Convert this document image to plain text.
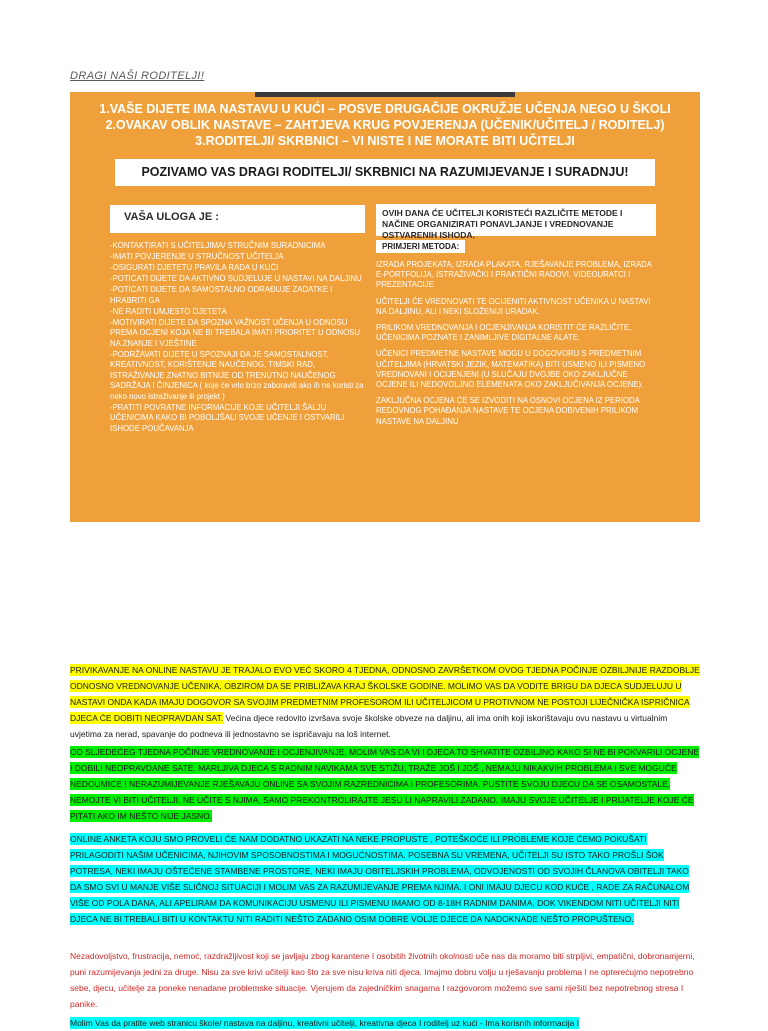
DRAGI NAŠI RODITELJI!
1.VAŠE DIJETE IMA NASTAVU U KUĆI – POSVE DRUGAČIJE OKRUŽJE UČENJA NEGO U ŠKOLI
2.OVAKAV OBLIK NASTAVE – ZAHTJEVA KRUG POVJERENJA (UČENIK/UČITELJ / RODITELJ)
3.RODITELJI/ SKRBNICI – VI NISTE I NE MORATE BITI UČITELJI
POZIVAMO VAS DRAGI RODITELJI/ SKRBNICI NA RAZUMIJEVANJE I SURADNJU!
VAŠA ULOGA JE :
-KONTAKTIRATI S UČITELJIMA/ STRUČNIM SURADNICIMA
-IMATI POVJERENJE U STRUČNOST UČITELJA
-OSIGURATI DJETETU PRAVILA RADA U KUĆI
-POTICATI DIJETE DA AKTIVNO SUDJELUJE U NASTAVI NA DALJINU
-POTICATI DIJETE DA SAMOSTALNO ODRAĐUJE ZADATKE I HRABRITI GA
-NE RADITI UMJESTO DJETETA
-MOTIVIRATI DIJETE DA SPOZNA VAŽNOST UČENJA U ODNOSU PREMA OCJENI KOJA NE BI TREBALA IMATI PRIORITET U ODNOSU NA ZNANJE I VJEŠTINE
-PODRŽAVATI DIJETE U SPOZNAJI DA JE SAMOSTALNOST, KREATIVNOST, KORIŠTENJE NAUČENOG, TIMSKI RAD, ISTRAŽIVANJE ZNATNO BITNIJE OD TRENUTNO NAUČENOG SADRŽAJA I ČINJENICA ( koje će vrlo brzo zaboraviti ako ih ne koristi za neko novo istraživanje ili projekt )
-PRATITI POVRATNE INFORMACIJE KOJE UČITELJI ŠALJU UČENICIMA KAKO BI POBOLJŠALI SVOJE UČENJE I OSTVARILI ISHODE POUČAVANJA
OVIH DANA ĆE UČITELJI KORISTEĆI RAZLIČITE METODE I NAČINE ORGANIZIRATI PONAVLJANJE I VREDNOVANJE OSTVARENIH ISHODA.
PRIMJERI METODA:

IZRADA PROJEKATA, IZRADA PLAKATA, RJEŠAVANJE PROBLEMA, IZRADA E-PORTFOLIJA, ISTRAŽIVAČKI I PRAKTIČNI RADOVI, VIDEOURATCI I PREZENTACIJE

UČITELJI ĆE VREDNOVATI TE OCIJENITI AKTIVNOST UČENIKA U NASTAVI NA DALJINU, ALI I NEKI SLOŽENIJI URADAK.

PRILIKOM VREDNOVANJA I OCJENJIVANJA KORISTIT ĆE RAZLIČITE, UČENICIMA POZNATE I ZANIMLJIVE DIGITALNE ALATE.

UČENICI PREDMETNE NASTAVE MOGU U DOGOVORU S PREDMETNIM UČITELJIMA (HRVATSKI JEZIK, MATEMATIKA) BITI USMENO ILI PISMENO VREDNOVANI I OCIJENJENI (U SLUČAJU DVOJBE OKO ZAKLJUČNE OCJENE ILI NEDOVOLJNO ELEMENATA OKO ZAKLJUČIVANJA OCJENE).

ZAKLJUČNA OCJENA ĆE SE IZVODITI NA OSNOVI OCJENA IZ PERIODA REDOVNOG POHAĐANJA NASTAVE TE OCJENA DOBIVENIH PRILIKOM NASTAVE NA DALJINU

PRIVIKAVANJE NA ONLINE NASTAVU JE TRAJALO EVO VEĆ SKORO 4 TJEDNA, ODNOSNO ZAVRŠETKOM OVOG TJEDNA POČINJE OZBILJNIJE RAZDOBLJE ODNOSNO VREDNOVANJE UČENIKA, OBZIROM DA SE PRIBLIŽAVA KRAJ ŠKOLSKE GODINE. MOLIMO VAS DA VODITE BRIGU DA DJECA SUDJELUJU U NASTAVI ONDA KADA IMAJU DOGOVOR SA SVOJIM PREDMETNIM PROFESOROM ILI UČITELJICOM U PROTIVNOM NE POSTOJI LIJEČNIČKA ISPRIČNICA DJECA ĆE DOBITI NEOPRAVDAN SAT. Većina djece redovito izvršava svoje školske obveze na daljinu, ali ima onih koji iskorištavaju ovu nastavu u virtualnim uvjetima za nerad, spavanje do podneva ili jednostavno se ispričavaju na loš internet.
OD SLJEDEĆEG TJEDNA POČINJE VREDNOVANJE I OCJENJIVANJE, MOLIM VAS DA VI I DJECA TO SHVATITE OZBILJNO KAKO SI NE BI POKVARILI OCJENE I DOBILI NEOPRAVDANE SATE. MARLJIVA DJECA S RADNIM NAVIKAMA SVE STIŽU, TRAŽE JOŠ I JOŠ , NEMAJU NIKAKVIH PROBLEMA I SVE MOGUĆE NEDOUMICE I NERAZUMIJEVANJE RJEŠAVAJU ONLINE SA SVOJIM RAZREDNICIMA I PROFESORIMA. PUSTITE SVOJU DJECU DA SE OSAMOSTALE, NEMOJTE VI BITI UČITELJI, NE UČITE S NJIMA, SAMO PREKONTROLIRAJTE JESU LI NAPRAVILI ZADANO. IMAJU SVOJE UČITELJE I PRIJATELJE KOJE ĆE PITATI AKO IM NEŠTO NIJE JASNO.
ONLINE ANKETA KOJU SMO PROVELI ĆE NAM DODATNO UKAZATI NA NEKE PROPUSTE , POTEŠKOĆE ILI PROBLEME KOJE ĆEMO POKUŠATI PRILAGODITI NAŠIM UČENICIMA, NJIHOVIM SPOSOBNOSTIMA I MOGUĆNOSTIMA. POSEBNA SU VREMENA, UČITELJI SU ISTO TAKO PROŠLI ŠOK POTRESA, NEKI IMAJU OŠTEĆENE STAMBENE PROSTORE, NEKI IMAJU OBITELJSKIH PROBLEMA, ODVOJENOSTI OD SVOJIH ČLANOVA OBITELJI TAKO DA SMO SVI U MANJE VIŠE SLIČNOJ SITUACIJI I MOLIM VAS ZA RAZUMIJEVANJE PREMA NJIMA. I ONI IMAJU DJECU KOD KUĆE , RADE ZA RAČUNALOM VIŠE OD POLA DANA, ALI APELIRAM DA KOMUNIKACIJU USMENU ILI PISMENU IMAMO OD 8-18H RADNIM DANIMA, DOK VIKENDOM NITI UČITELJI NITI DJECA NE BI TREBALI BITI U KONTAKTU NITI RADITI NEŠTO ZADANO OSIM DOBRE VOLJE DJECE DA NADOKNADE NEŠTO PROPUŠTENO.
Nezadovoljstvo, frustracija, nemoć, razdražljivost koji se javljaju zbog karantene I osobitih životnih okolnosti uče nas da moramo biti strpljivi, empatični, dobronamjerni, puni razumijevanja jedni za druge. Nisu za sve krivi učitelji kao što za sve nisu kriva niti djeca. Imajmo dobru volju u rješavanju problema I ne opterećujmo nepotrebno sebe, djecu, učitelje za poneke nenadane problemske situacije. Vjerujem da zajedničkim snagama I razgovorom možemo sve sami riješiti bez nepotrebnog stresa I panike.
Molim Vas da pratite web stranicu škole/ nastava na daljinu, kreativni učitelji, kreativna djeca I roditelj uz kući - Ima korisnih informacija I
